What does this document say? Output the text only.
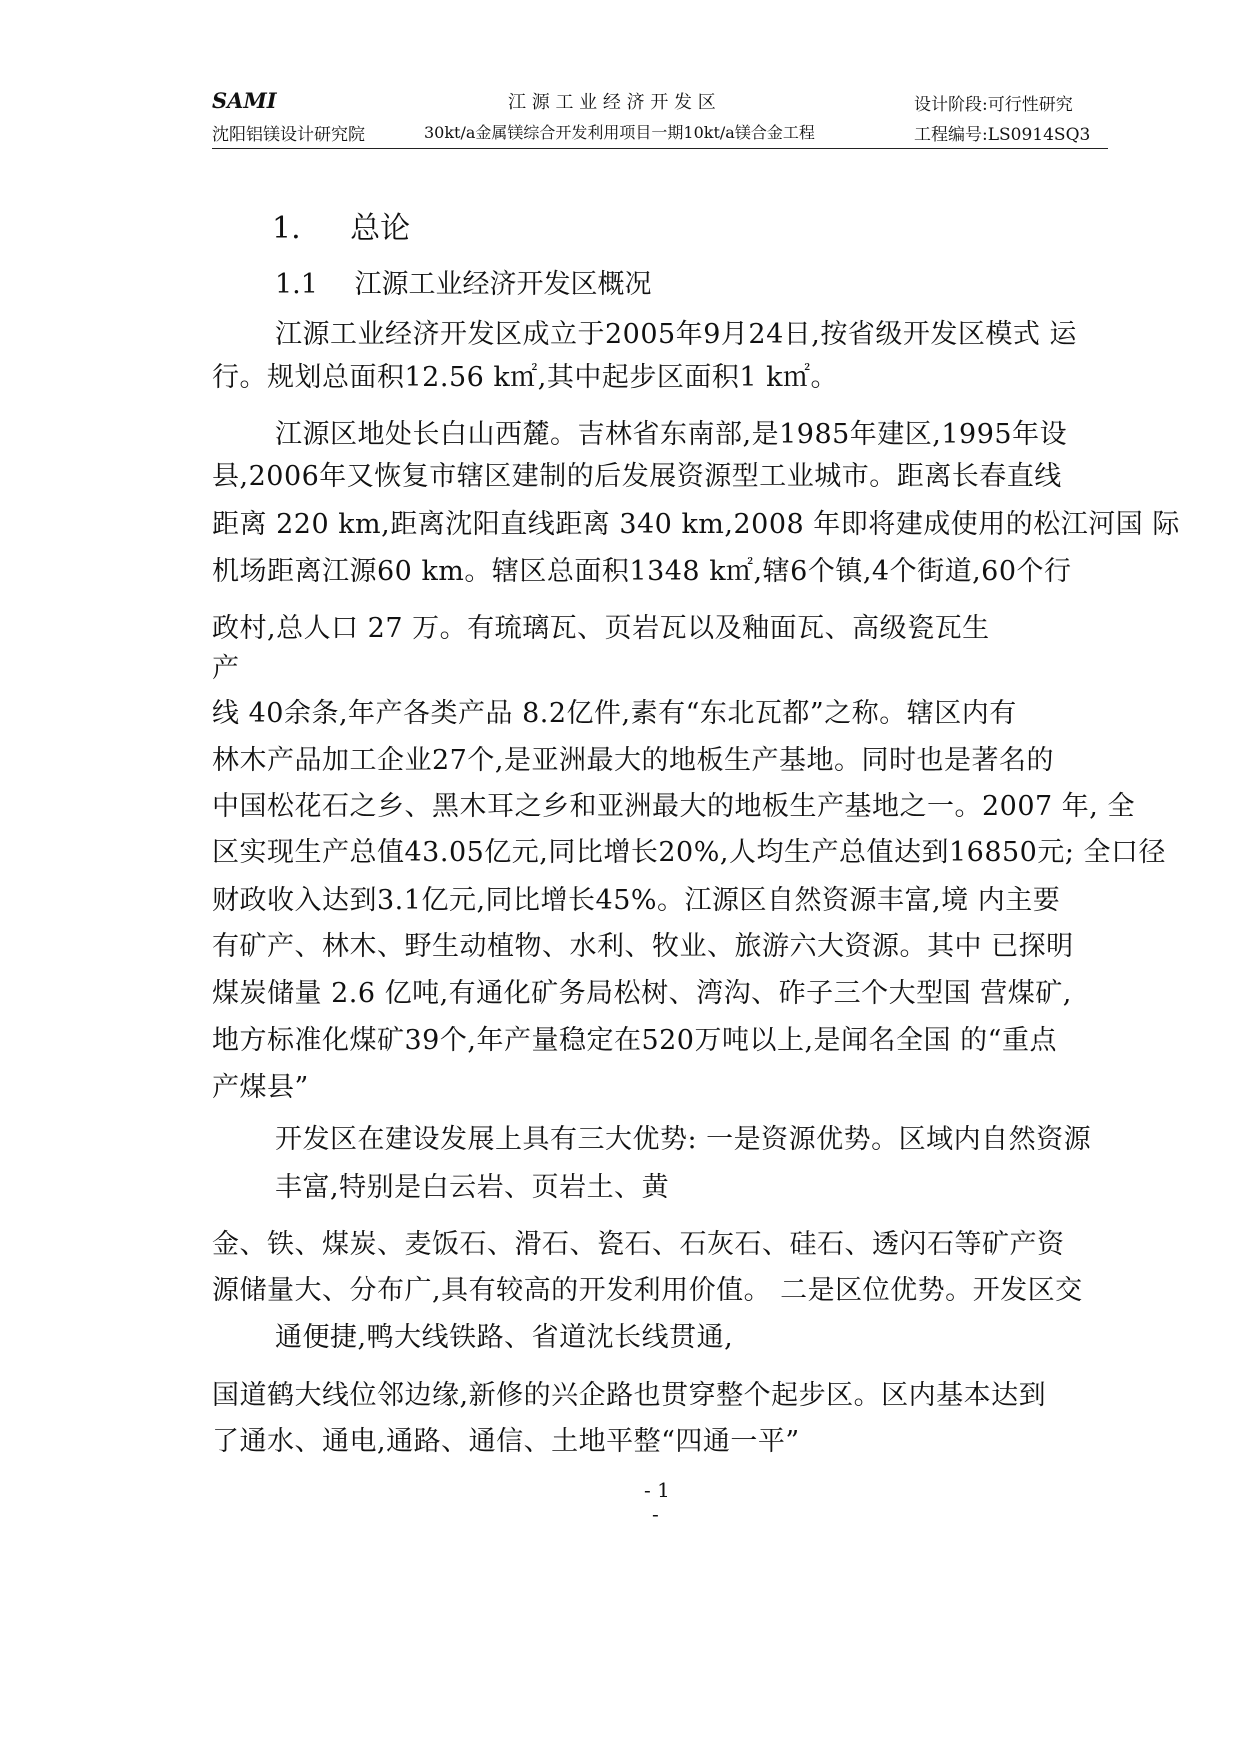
SAMI
沈阳铝镁设计研究院
江 源 工 业 经 济 开 发 区
30kt/a金属镁综合开发利用项目一期10kt/a镁合金工程
设计阶段:可行性研究
工程编号:LS0914SQ3
1. 总论
1.1 江源工业经济开发区概况
江源工业经济开发区成立于2005年9月24日,按省级开发区模式 运
行。规划总面积12.56 k㎡,其中起步区面积1 k㎡。
江源区地处长白山西麓。吉林省东南部,是1985年建区,1995年设
县,2006年又恢复市辖区建制的后发展资源型工业城市。距离长春直线
距离 220 km,距离沈阳直线距离 340 km,2008 年即将建成使用的松江河国 际
机场距离江源60 km。辖区总面积1348 k㎡,辖6个镇,4个街道,60个行
政村,总人口 27 万。有琉璃瓦、页岩瓦以及釉面瓦、高级瓷瓦生
产
线 40余条,年产各类产品 8.2亿件,素有“东北瓦都”之称。辖区内有
林木产品加工企业27个,是亚洲最大的地板生产基地。同时也是著名的
中国松花石之乡、黑木耳之乡和亚洲最大的地板生产基地之一。2007 年, 全
区实现生产总值43.05亿元,同比增长20%,人均生产总值达到16850元; 全口径
财政收入达到3.1亿元,同比增长45%。江源区自然资源丰富,境 内主要
有矿产、林木、野生动植物、水利、牧业、旅游六大资源。其中 已探明
煤炭储量 2.6 亿吨,有通化矿务局松树、湾沟、砟子三个大型国 营煤矿,
地方标准化煤矿39个,年产量稳定在520万吨以上,是闻名全国 的“重点
产煤县”
开发区在建设发展上具有三大优势: 一是资源优势。区域内自然资源
丰富,特别是白云岩、页岩土、黄
金、铁、煤炭、麦饭石、滑石、瓷石、石灰石、硅石、透闪石等矿产资
源储量大、分布广,具有较高的开发利用价值。 二是区位优势。开发区交
通便捷,鸭大线铁路、省道沈长线贯通,
国道鹤大线位邻边缘,新修的兴企路也贯穿整个起步区。区内基本达到
了通水、通电,通路、通信、土地平整“四通一平”
- 1
-
